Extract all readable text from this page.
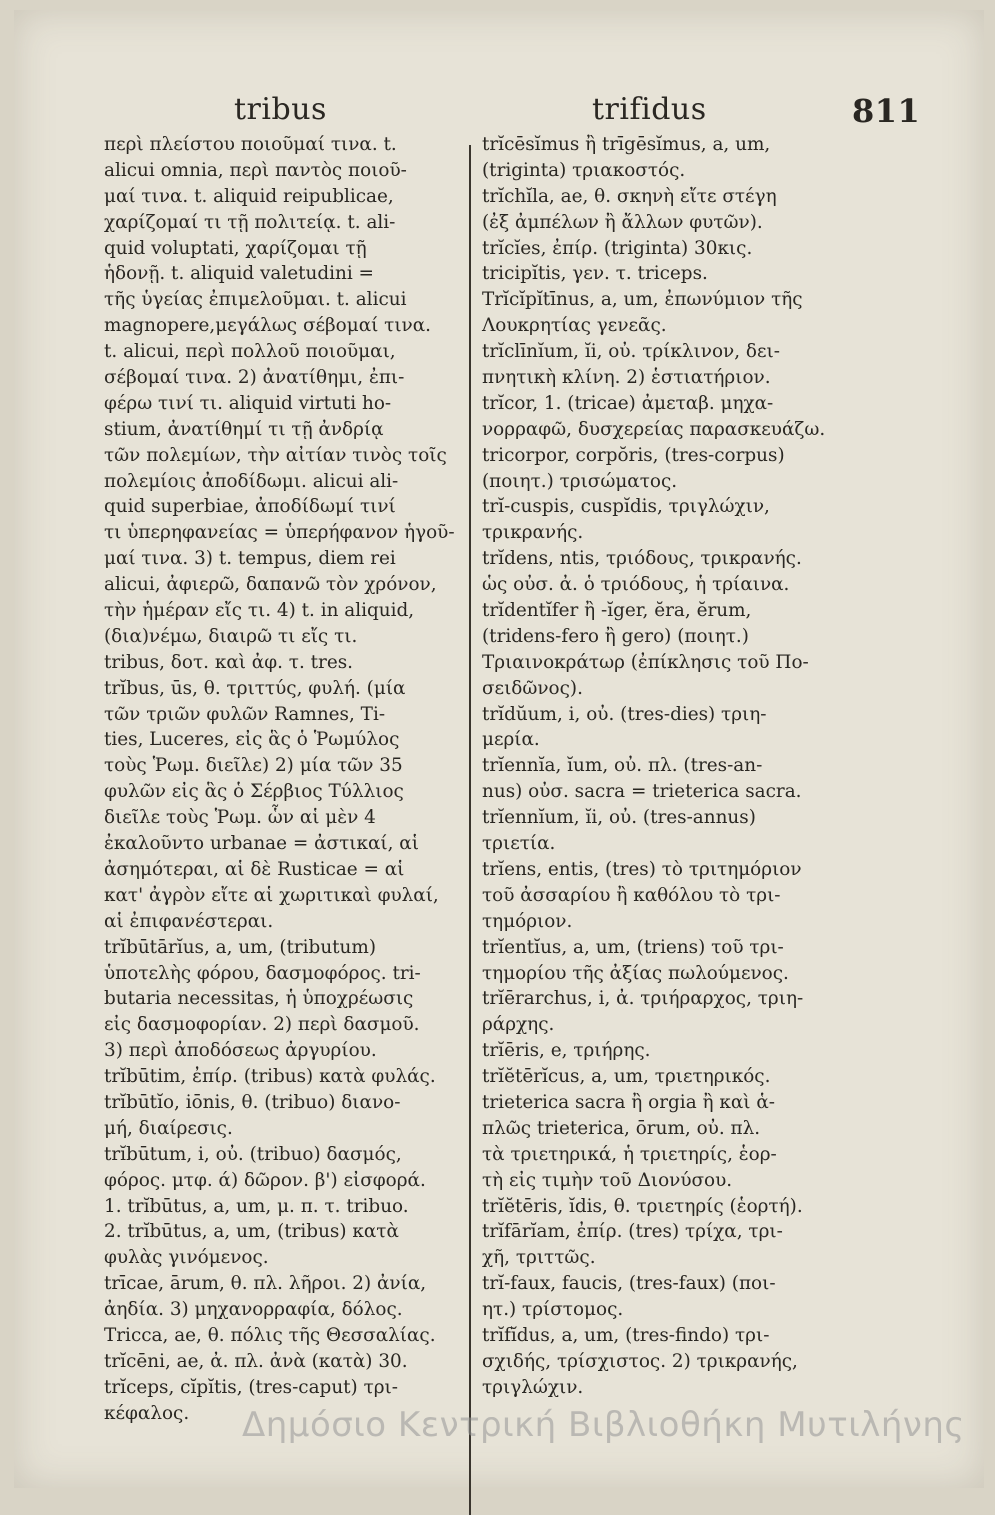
tribus	trifidus	811
περὶ πλείστου ποιοῦμαί τινα. t.
alicui omnia, περὶ παντὸς ποιοῦ-
μαί τινα. t. aliquid reipublicae,
χαρίζομαί τι τῇ πολιτείᾳ. t. ali-
quid voluptati, χαρίζομαι τῇ
ἡδονῇ. t. aliquid valetudini =
τῆς ὑγείας ἐπιμελοῦμαι. t. alicui
magnopere,μεγάλως σέβομαί τινα.
t. alicui, περὶ πολλοῦ ποιοῦμαι,
σέβομαί τινα. 2) ἀνατίθημι, ἐπι-
φέρω τινί τι. aliquid virtuti ho-
stium, ἀνατίθημί τι τῇ ἀνδρίᾳ
τῶν πολεμίων, τὴν αἰτίαν τινὸς τοῖς
πολεμίοις ἀποδίδωμι. alicui ali-
quid superbiae, ἀποδίδωμί τινί
τι ὑπερηφανείας = ὑπερήφανον ἡγοῦ-
μαί τινα. 3) t. tempus, diem rei
alicui, ἀφιερῶ, δαπανῶ τὸν χρόνον,
τὴν ἡμέραν εἴς τι. 4) t. in aliquid,
(δια)νέμω, διαιρῶ τι εἴς τι.
tribus, δοτ. καὶ ἀφ. τ. tres.
trĭbus, ūs, θ. τριττύς, φυλή. (μία
τῶν τριῶν φυλῶν Ramnes, Ti-
ties, Luceres, εἰς ἃς ὁ Ῥωμύλος
τοὺς Ῥωμ. διεῖλε) 2) μία τῶν 35
φυλῶν εἰς ἃς ὁ Σέρβιος Τύλλιος
διεῖλε τοὺς Ῥωμ. ὧν αἱ μὲν 4
ἐκαλοῦντο urbanae = ἀστικαί, αἱ
ἀσημότεραι, αἱ δὲ Rusticae = αἱ
κατ' ἀγρὸν εἴτε αἱ χωριτικαὶ φυλαί,
αἱ ἐπιφανέστεραι.
trĭbūtārĭus, a, um, (tributum)
ὑποτελὴς φόρου, δασμοφόρος. tri-
butaria necessitas, ἡ ὑποχρέωσις
εἰς δασμοφορίαν. 2) περὶ δασμοῦ.
3) περὶ ἀποδόσεως ἀργυρίου.
trĭbūtim, ἐπίρ. (tribus) κατὰ φυλάς.
trĭbūtĭo, iōnis, θ. (tribuo) διανο-
μή, διαίρεσις.
trĭbūtum, i, οὐ. (tribuo) δασμός,
φόρος. μτφ. ά) δῶρον. β') εἰσφορά.
1. trĭbūtus, a, um, μ. π. τ. tribuo.
2. trĭbūtus, a, um, (tribus) κατὰ
φυλὰς γινόμενος.
trīcae, ārum, θ. πλ. λῆροι. 2) ἀνία,
ἀηδία. 3) μηχανορραφία, δόλος.
Tricca, ae, θ. πόλις τῆς Θεσσαλίας.
trĭcēni, ae, ἀ. πλ. ἀνὰ (κατὰ) 30.
trĭceps, cĭpĭtis, (tres-caput) τρι-
κέφαλος.
trĭcēsĭmus ἢ trīgēsĭmus, a, um,
(triginta) τριακοστός.
trĭchĭla, ae, θ. σκηνὴ εἴτε στέγη
(ἐξ ἀμπέλων ἢ ἄλλων φυτῶν).
trĭcĭes, ἐπίρ. (triginta) 30κις.
tricipĭtis, γεν. τ. triceps.
Trĭcĭpĭtīnus, a, um, ἐπωνύμιον τῆς
Λουκρητίας γενεᾶς.
trĭclīnĭum, ĭi, οὐ. τρίκλινον, δει-
πνητικὴ κλίνη. 2) ἑστιατήριον.
trĭcor, 1. (tricae) ἀμεταβ. μηχα-
νορραφῶ, δυσχερείας παρασκευάζω.
tricorpor, corpŏris, (tres-corpus)
(ποιητ.) τρισώματος.
trĭ-cuspis, cuspĭdis, τριγλώχιν,
τρικρανής.
trĭdens, ntis, τριόδους, τρικρανής.
ὡς οὐσ. ἀ. ὁ τριόδους, ἡ τρίαινα.
trĭdentĭfer ἢ -ĭger, ĕra, ĕrum,
(tridens-fero ἢ gero) (ποιητ.)
Τριαινοκράτωρ (ἐπίκλησις τοῦ Πο-
σειδῶνος).
trĭdŭum, i, οὐ. (tres-dies) τριη-
μερία.
trĭennĭa, ĭum, οὐ. πλ. (tres-an-
nus) οὐσ. sacra = trieterica sacra.
trĭennĭum, ĭi, οὐ. (tres-annus)
τριετία.
trĭens, entis, (tres) τὸ τριτημόριον
τοῦ ἀσσαρίου ἢ καθόλου τὸ τρι-
τημόριον.
trĭentĭus, a, um, (triens) τοῦ τρι-
τημορίου τῆς ἀξίας πωλούμενος.
trĭērarchus, i, ἀ. τριήραρχος, τριη-
ράρχης.
trĭēris, e, τριήρης.
trĭĕtērĭcus, a, um, τριετηρικός.
trieterica sacra ἢ orgia ἢ καὶ ἁ-
πλῶς trieterica, ōrum, οὐ. πλ.
τὰ τριετηρικά, ἡ τριετηρίς, ἑορ-
τὴ εἰς τιμὴν τοῦ Διονύσου.
trĭĕtēris, ĭdis, θ. τριετηρίς (ἑορτή).
trĭfārĭam, ἐπίρ. (tres) τρίχα, τρι-
χῆ, τριττῶς.
trĭ-faux, faucis, (tres-faux) (ποι-
ητ.) τρίστομος.
trĭfĭdus, a, um, (tres-findo) τρι-
σχιδής, τρίσχιστος. 2) τρικρανής,
τριγλώχιν.
Δημόσιο Κεντρική Βιβλιοθήκη Μυτιλήνης
